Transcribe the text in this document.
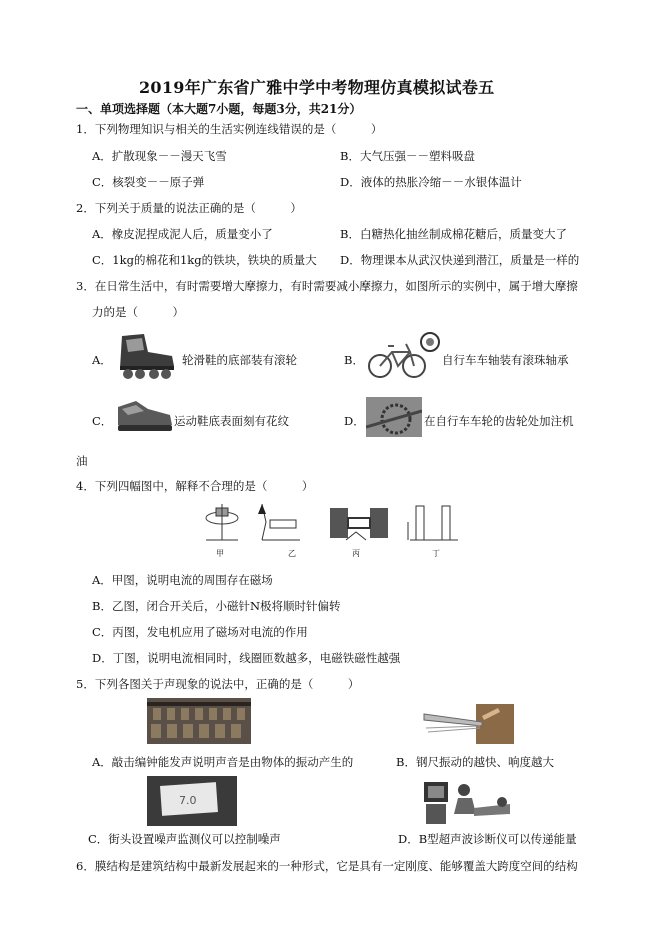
2019年广东省广雅中学中考物理仿真模拟试卷五
一、单项选择题（本大题7小题，每题3分，共21分）
1．下列物理知识与相关的生活实例连线错误的是（　　　）
A．扩散现象－－漫天飞雪	B．大气压强－－塑料吸盘
C．核裂变－－原子弹	D．液体的热胀冷缩－－水银体温计
2．下列关于质量的说法正确的是（　　　）
A．橡皮泥捏成泥人后，质量变小了	B．白糖热化抽丝制成棉花糖后，质量变大了
C．1kg的棉花和1kg的铁块，铁块的质量大 D．物理课本从武汉快递到潜江，质量是一样的
3．在日常生活中，有时需要增大摩擦力，有时需要减小摩擦力，如图所示的实例中，属于增大摩擦
力的是（　　　）
A．	轮滑鞋的底部装有滚轮	B．	自行车车轴装有滚珠轴承
C．	运动鞋底表面刻有花纹	D．	在自行车车轮的齿轮处加注机
油
4．下列四幅图中，解释不合理的是（　　　）
甲	乙	丙	丁
A．甲图，说明电流的周围存在磁场
B．乙图，闭合开关后，小磁针N极将顺时针偏转
C．丙图，发电机应用了磁场对电流的作用
D．丁图，说明电流相同时，线圈匝数越多，电磁铁磁性越强
5．下列各图关于声现象的说法中，正确的是（　　　）
A．敲击编钟能发声说明声音是由物体的振动产生的	B．钢尺振动的越快、响度越大
7.0
C．街头设置噪声监测仪可以控制噪声	D．B型超声波诊断仪可以传递能量
6．膜结构是建筑结构中最新发展起来的一种形式，它是具有一定刚度、能够覆盖大跨度空间的结构
